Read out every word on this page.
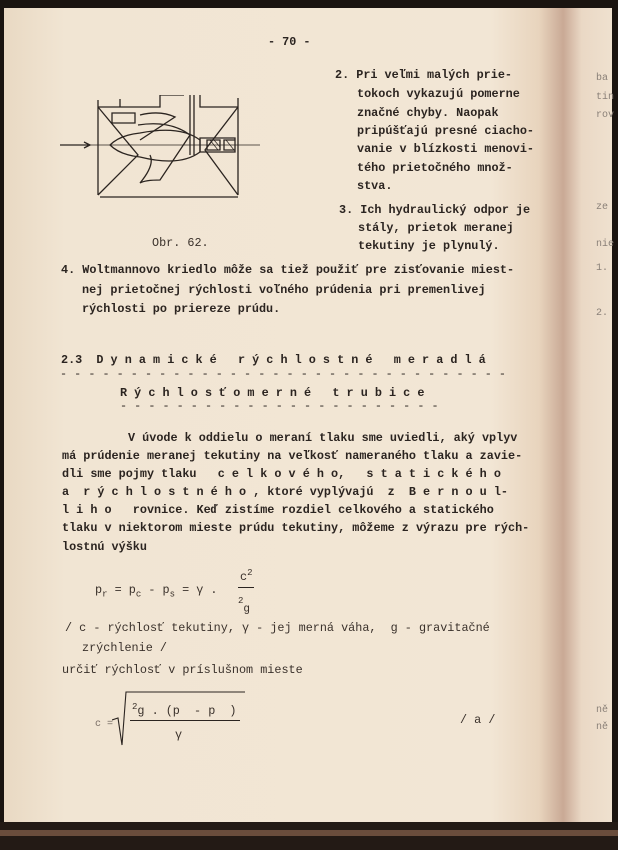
- 70 -
Obr. 62.
2. Pri veľmi malých prie-
tokoch vykazujú pomerne
značné chyby. Naopak
pripúšťajú presné ciacho-
vanie v blízkosti menovi-
tého prietočného množ-
stva.
3. Ich hydraulický odpor je
stály, prietok meranej
tekutiny je plynulý.
4. Woltmannovo kriedlo môže sa tiež použiť pre zisťovanie miest-
nej prietočnej rýchlosti voľného prúdenia pri premenlivej
rýchlosti po priereze prúdu.
2.3  D y n a m i c k é   r ý c h l o s t n é   m e r a d l á
- - - - - - - - - - - - - - - - - - - - - - - - - - - - - - - -
R ý c h l o s ť o m e r n é   t r u b i c e
- - - - - - - - - - - - - - - - - - - - - - -
V úvode k oddielu o meraní tlaku sme uviedli, aký vplyv
má prúdenie meranej tekutiny na veľkosť nameraného tlaku a zavie-
dli sme pojmy tlaku   c e l k o v é h o,   s t a t i c k é h o
a  r ý c h l o s t n é h o , ktoré vyplývajú  z  B e r n o u l-
l i h o   rovnice. Keď zistíme rozdiel celkového a statického
tlaku v niektorom mieste prúdu tekutiny, môžeme z výrazu pre rých-
lostnú výšku
$p_r = p_c - p_s = \gamma$ .
$c^2$
$^2_g$
/ c - rýchlosť tekutiny, γ - jej merná váha,  g - gravitačné
zrýchlenie /
určiť rýchlosť v príslušnom mieste
c =
$^2$g . (p  - p  )
γ
/ a /
ba
tin
rov
ze
nie
1.
2.
ně
ně
